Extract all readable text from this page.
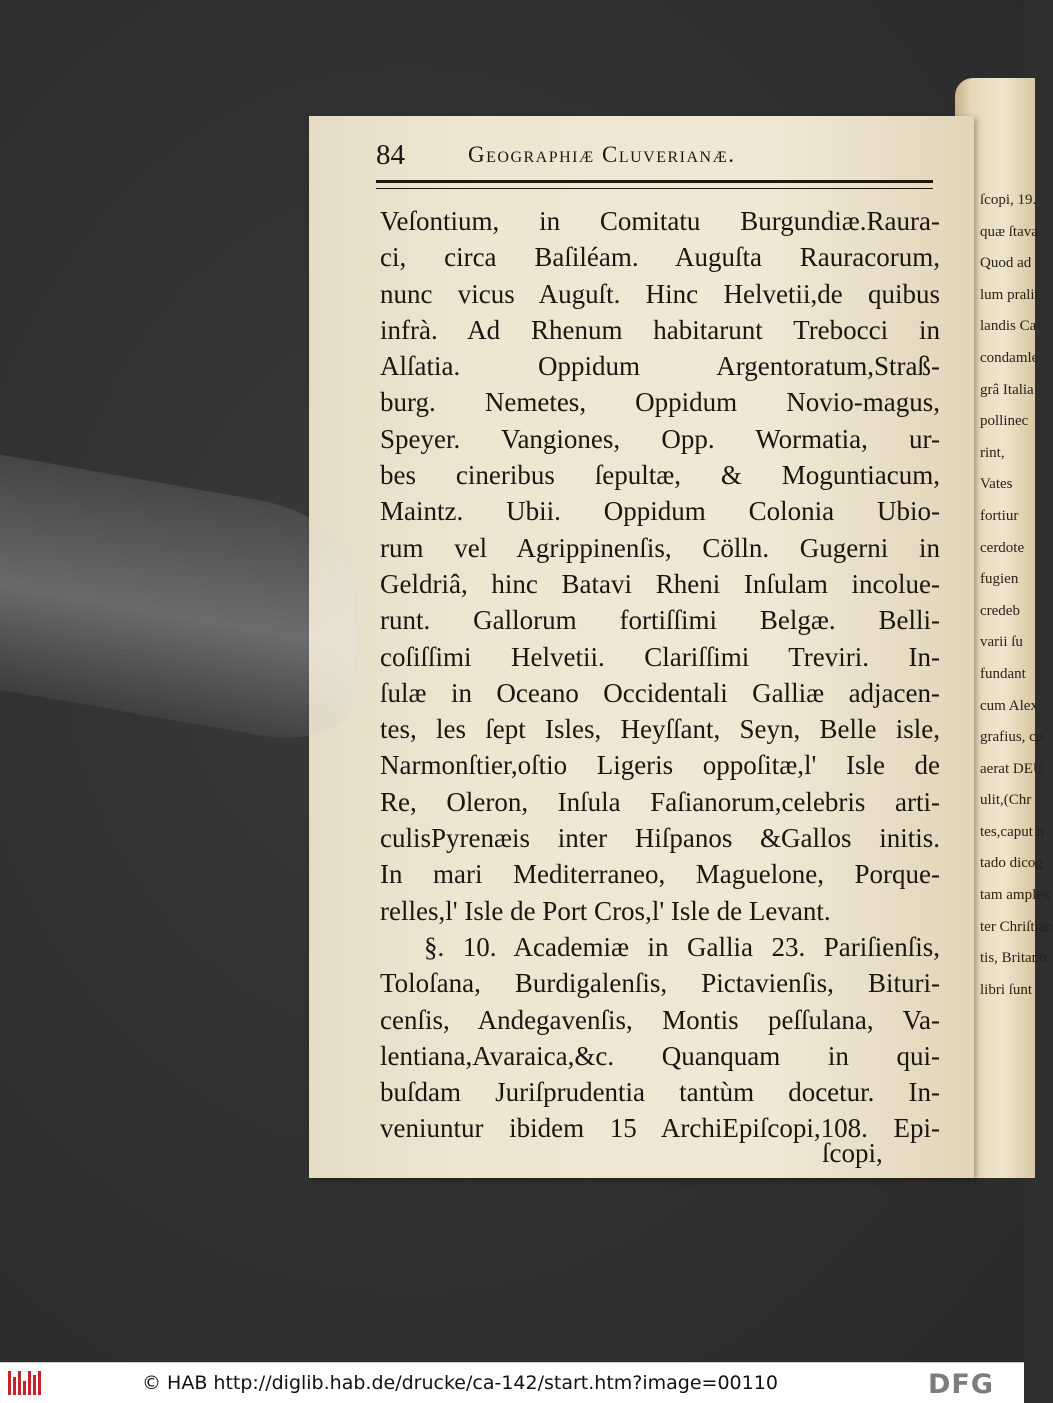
ſcopi, 19.
quæ ſtava
Quod ad
lum pralit
landis Ca
condamle
grâ Italia
pollinec
rint,
Vates
fortiur
cerdote
fugien
credeb
varii ſu
fundant
cum Alex
grafius, cp
aerat DEU
ulit,(Chr
tes,caput h
tado dicog
tam amplex
ter Chriſtian
tis, Britann
libri ſunt
84	Geographiæ Cluverianæ.
Veſontium, in Comitatu Burgundiæ.Raura-
ci, circa Baſiléam. Auguſta Rauracorum,
nunc vicus Auguſt. Hinc Helvetii,de quibus
infrà. Ad Rhenum habitarunt Trebocci in
Alſatia. Oppidum Argentoratum,Straß-
burg. Nemetes, Oppidum Novio-magus,
Speyer. Vangiones, Opp. Wormatia, ur-
bes cineribus ſepultæ, & Moguntiacum,
Maintz. Ubii. Oppidum Colonia Ubio-
rum vel Agrippinenſis, Cölln. Gugerni in
Geldriâ, hinc Batavi Rheni Inſulam incolue-
runt. Gallorum fortiſſimi Belgæ. Belli-
coſiſſimi Helvetii. Clariſſimi Treviri. In-
ſulæ in Oceano Occidentali Galliæ adjacen-
tes, les ſept Isles, Heyſſant, Seyn, Belle isle,
Narmonſtier,oſtio Ligeris oppoſitæ,l' Isle de
Re, Oleron, Inſula Faſianorum,celebris arti-
culisPyrenæis inter Hiſpanos &Gallos initis.
In mari Mediterraneo, Maguelone, Porque-
relles,l' Isle de Port Cros,l' Isle de Levant.
§. 10. Academiæ in Gallia 23. Pariſienſis,
Toloſana, Burdigalenſis, Pictavienſis, Bituri-
cenſis, Andegavenſis, Montis peſſulana, Va-
lentiana,Avaraica,&c. Quanquam in qui-
buſdam Juriſprudentia tantùm docetur. In-
veniuntur ibidem 15 ArchiEpiſcopi,108. Epi-
ſcopi,
© HAB http://diglib.hab.de/drucke/ca-142/start.htm?image=00110	DFG
